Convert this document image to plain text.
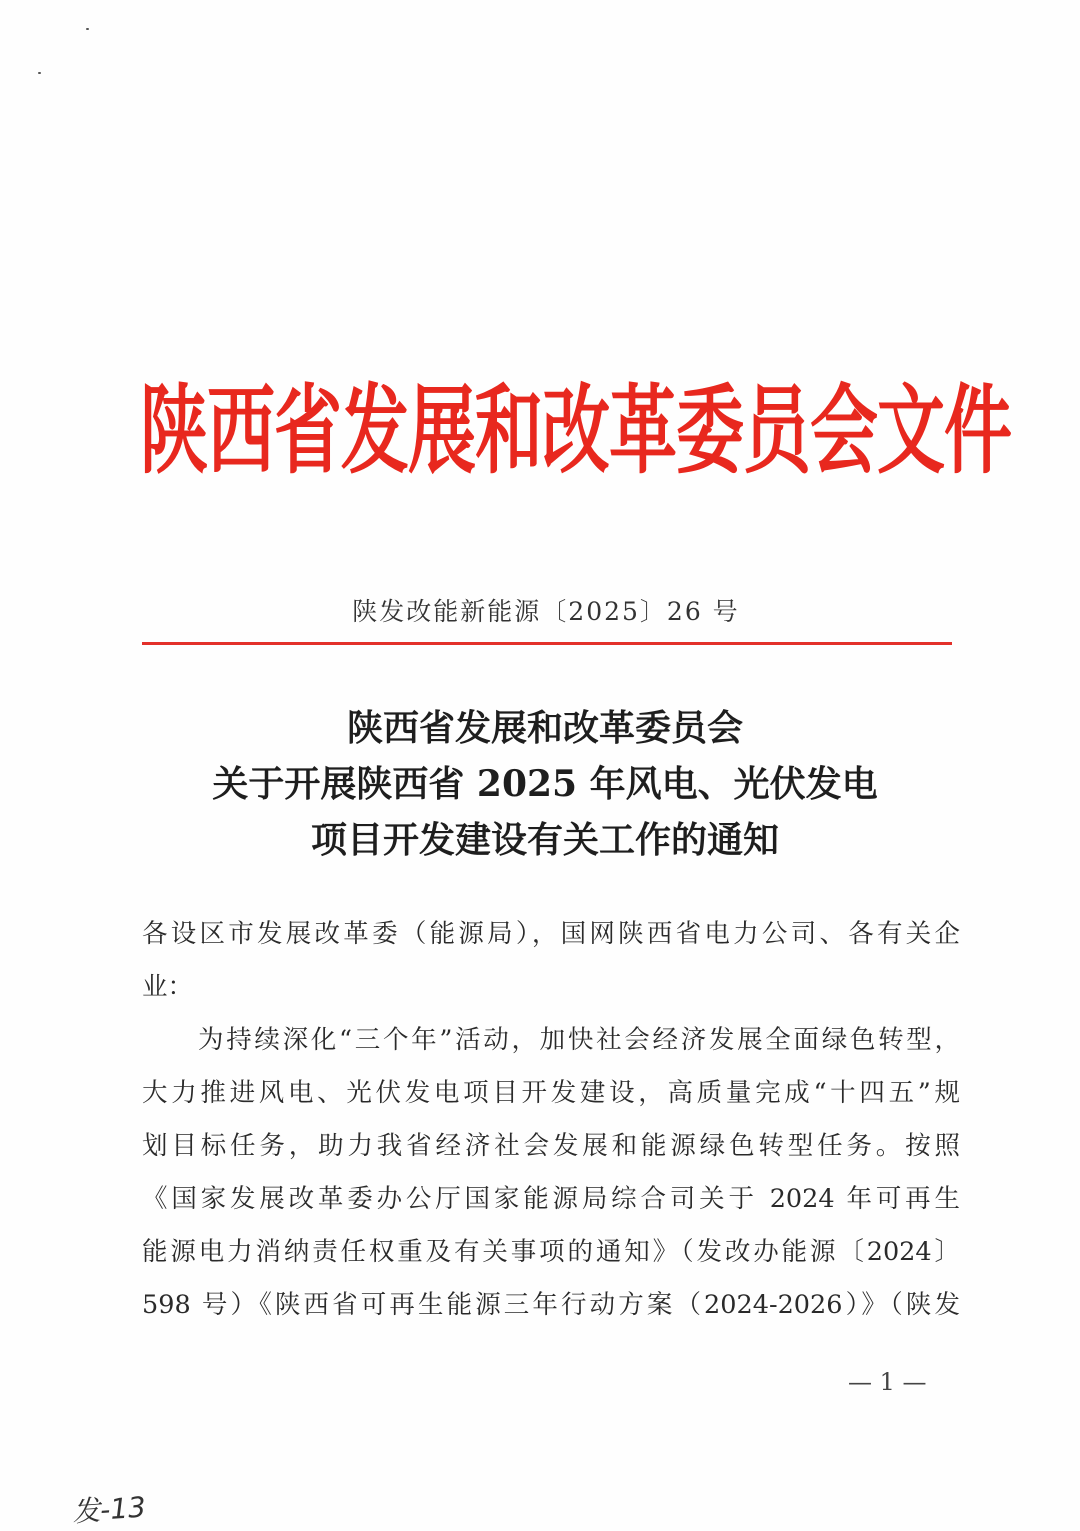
陕西省发展和改革委员会文件
陕发改能新能源〔2025〕26 号
陕西省发展和改革委员会
关于开展陕西省 2025 年风电、光伏发电
项目开发建设有关工作的通知
各设区市发展改革委（能源局），国网陕西省电力公司、各有关企
业：
为持续深化“三个年”活动，加快社会经济发展全面绿色转型，
大力推进风电、光伏发电项目开发建设，高质量完成“十四五”规
划目标任务，助力我省经济社会发展和能源绿色转型任务。按照
《国家发展改革委办公厅国家能源局综合司关于 2024 年可再生
能源电力消纳责任权重及有关事项的通知》（发改办能源〔2024〕
598 号）《陕西省可再生能源三年行动方案（2024-2026）》（陕发
— 1 —
发-13
